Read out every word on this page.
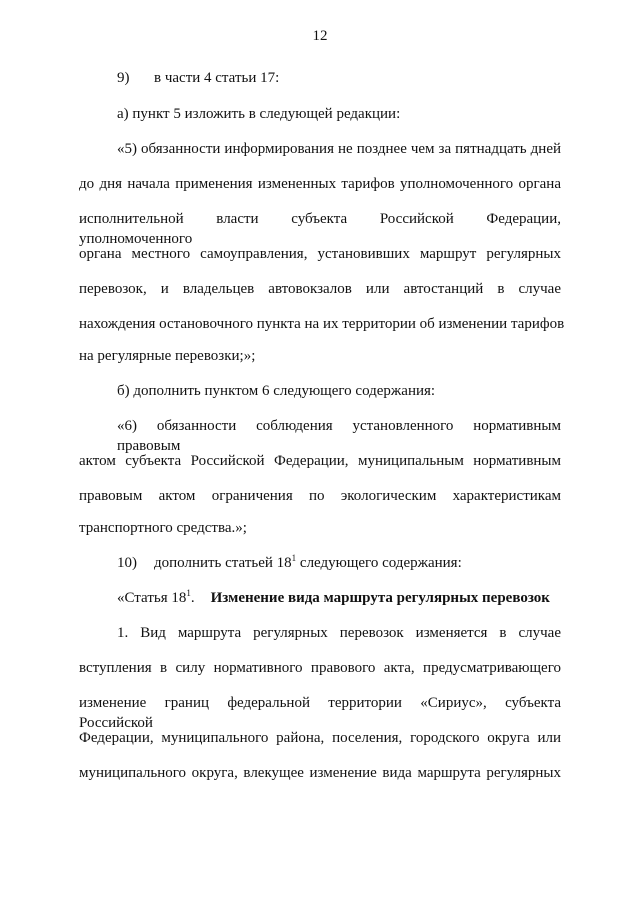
12
9) в части 4 статьи 17:
а) пункт 5 изложить в следующей редакции:
«5) обязанности информирования не позднее чем за пятнадцать дней
до дня начала применения измененных тарифов уполномоченного органа
исполнительной власти субъекта Российской Федерации, уполномоченного
органа местного самоуправления, установивших маршрут регулярных
перевозок, и владельцев автовокзалов или автостанций в случае
нахождения остановочного пункта на их территории об изменении тарифов
на регулярные перевозки;»;
б) дополнить пунктом 6 следующего содержания:
«6) обязанности соблюдения установленного нормативным правовым
актом субъекта Российской Федерации, муниципальным нормативным
правовым актом ограничения по экологическим характеристикам
транспортного средства.»;
10) дополнить статьей $18^1$ следующего содержания:
«Статья $18^1$. Изменение вида маршрута регулярных перевозок
1. Вид маршрута регулярных перевозок изменяется в случае
вступления в силу нормативного правового акта, предусматривающего
изменение границ федеральной территории «Сириус», субъекта Российской
Федерации, муниципального района, поселения, городского округа или
муниципального округа, влекущее изменение вида маршрута регулярных
